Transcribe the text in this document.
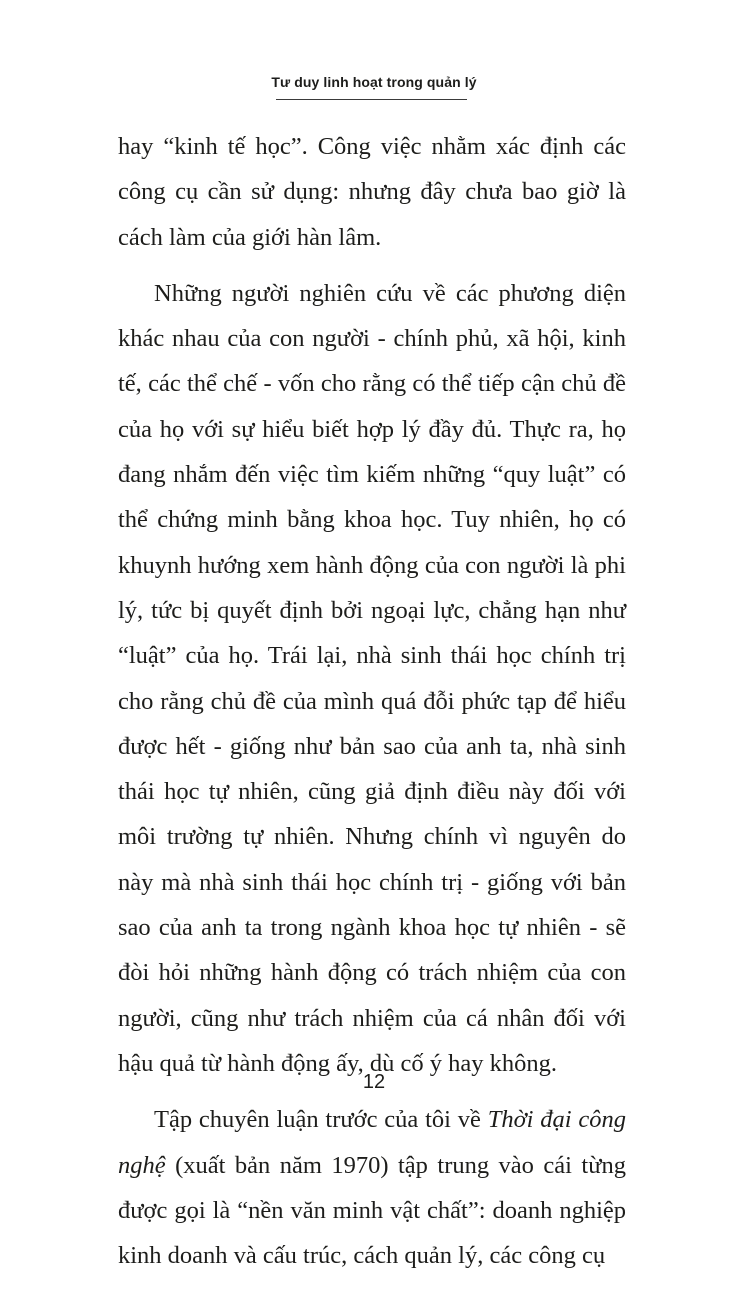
Tư duy linh hoạt trong quản lý

hay “kinh tế học”. Công việc nhằm xác định các công cụ cần sử dụng: nhưng đây chưa bao giờ là cách làm của giới hàn lâm.

Những người nghiên cứu về các phương diện khác nhau của con người - chính phủ, xã hội, kinh tế, các thể chế - vốn cho rằng có thể tiếp cận chủ đề của họ với sự hiểu biết hợp lý đầy đủ. Thực ra, họ đang nhắm đến việc tìm kiếm những “quy luật” có thể chứng minh bằng khoa học. Tuy nhiên, họ có khuynh hướng xem hành động của con người là phi lý, tức bị quyết định bởi ngoại lực, chẳng hạn như “luật” của họ. Trái lại, nhà sinh thái học chính trị cho rằng chủ đề của mình quá đỗi phức tạp để hiểu được hết - giống như bản sao của anh ta, nhà sinh thái học tự nhiên, cũng giả định điều này đối với môi trường tự nhiên. Nhưng chính vì nguyên do này mà nhà sinh thái học chính trị - giống với bản sao của anh ta trong ngành khoa học tự nhiên - sẽ đòi hỏi những hành động có trách nhiệm của con người, cũng như trách nhiệm của cá nhân đối với hậu quả từ hành động ấy, dù cố ý hay không.

Tập chuyên luận trước của tôi về Thời đại công nghệ (xuất bản năm 1970) tập trung vào cái từng được gọi là “nền văn minh vật chất”: doanh nghiệp kinh doanh và cấu trúc, cách quản lý, các công cụ

12
